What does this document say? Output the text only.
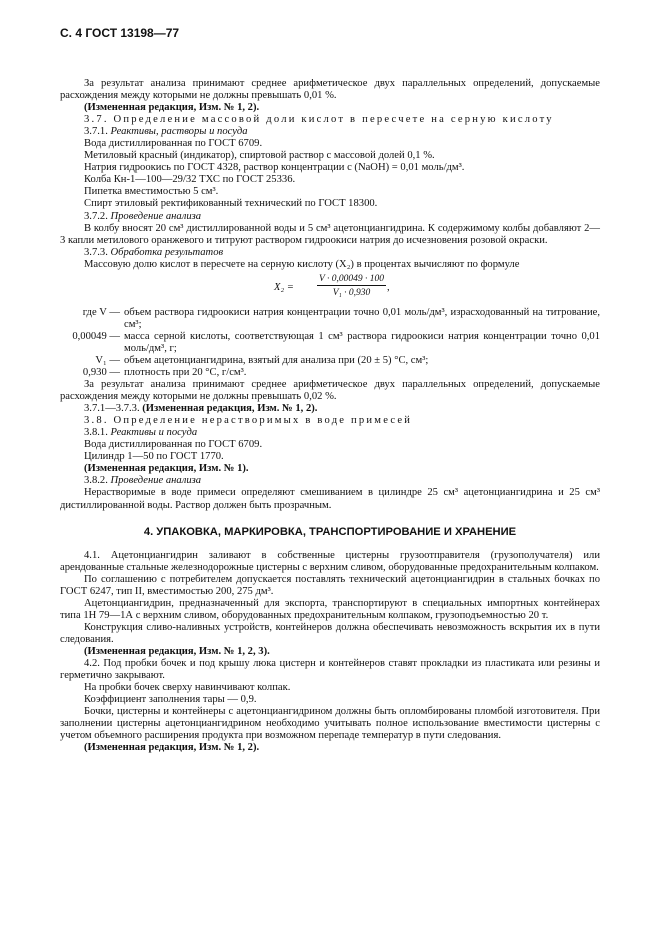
С. 4 ГОСТ 13198—77

За результат анализа принимают среднее арифметическое двух параллельных определений, допускаемые расхождения между которыми не должны превышать 0,01 %.

(Измененная редакция, Изм. № 1, 2).

3.7. Определение массовой доли кислот в пересчете на серную кислоту

3.7.1. Реактивы, растворы и посуда

Вода дистиллированная по ГОСТ 6709.

Метиловый красный (индикатор), спиртовой раствор с массовой долей 0,1 %.

Натрия гидроокись по ГОСТ 4328, раствор концентрации c (NaOH) = 0,01 моль/дм³.

Колба Кн-1—100—29/32 ТХС по ГОСТ 25336.

Пипетка вместимостью 5 см³.

Спирт этиловый ректификованный технический по ГОСТ 18300.

3.7.2. Проведение анализа

В колбу вносят 20 см³ дистиллированной воды и 5 см³ ацетонциангидрина. К содержимому колбы добавляют 2—3 капли метилового оранжевого и титруют раствором гидроокиси натрия до исчезновения розовой окраски.

3.7.3. Обработка результатов

Массовую долю кислот в пересчете на серную кислоту (X₂) в процентах вычисляют по формуле

$X_2 = \frac{V \cdot 0,00049 \cdot 100}{\text{V₁ · 0,930}}$ ,
где V — объем раствора гидроокиси натрия концентрации точно 0,01 моль/дм³, израсходованный на титрование, см³;

0,00049 — масса серной кислоты, соответствующая 1 см³ раствора гидроокиси натрия концентрации точно 0,01 моль/дм³, г;

V₁ — объем ацетонциангидрина, взятый для анализа при (20 ± 5) °С, см³;

0,930 — плотность при 20 °С, г/см³.

За результат анализа принимают среднее арифметическое двух параллельных определений, допускаемые расхождения между которыми не должны превышать 0,02 %.

3.7.1—3.7.3. (Измененная редакция, Изм. № 1, 2).

3.8. Определение нерастворимых в воде примесей

3.8.1. Реактивы и посуда

Вода дистиллированная по ГОСТ 6709.

Цилиндр 1—50 по ГОСТ 1770.

(Измененная редакция, Изм. № 1).

3.8.2. Проведение анализа

Нерастворимые в воде примеси определяют смешиванием в цилиндре 25 см³ ацетонциангидрина и 25 см³ дистиллированной воды. Раствор должен быть прозрачным.

4. УПАКОВКА, МАРКИРОВКА, ТРАНСПОРТИРОВАНИЕ И ХРАНЕНИЕ

4.1. Ацетонциангидрин заливают в собственные цистерны грузоотправителя (грузополучателя) или арендованные стальные железнодорожные цистерны с верхним сливом, оборудованные предохранительным колпаком.

По соглашению с потребителем допускается поставлять технический ацетонциангидрин в стальных бочках по ГОСТ 6247, тип II, вместимостью 200, 275 дм³.

Ацетонциангидрин, предназначенный для экспорта, транспортируют в специальных импортных контейнерах типа 1Н 79—1А с верхним сливом, оборудованных предохранительным колпаком, грузоподъемностью 20 т.

Конструкция сливо-наливных устройств, контейнеров должна обеспечивать невозможность вскрытия их в пути следования.

(Измененная редакция, Изм. № 1, 2, 3).

4.2. Под пробки бочек и под крышу люка цистерн и контейнеров ставят прокладки из пластиката или резины и герметично закрывают.

На пробки бочек сверху навинчивают колпак.

Коэффициент заполнения тары — 0,9.

Бочки, цистерны и контейнеры с ацетонциангидрином должны быть опломбированы пломбой изготовителя. При заполнении цистерны ацетонциангидрином необходимо учитывать полное использование вместимости цистерны с учетом объемного расширения продукта при возможном перепаде температур в пути следования.

(Измененная редакция, Изм. № 1, 2).
